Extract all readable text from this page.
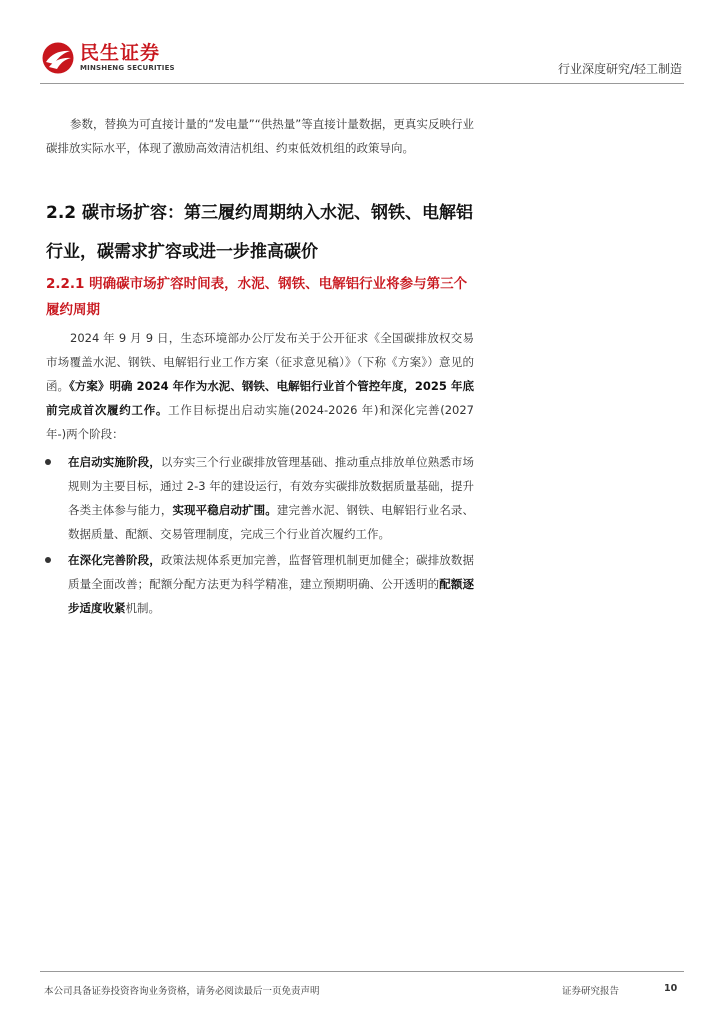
民生证券
MINSHENG SECURITIES	行业深度研究/轻工制造

参数，替换为可直接计量的“发电量”“供热量”等直接计量数据，更真实反映行业碳排放实际水平，体现了激励高效清洁机组、约束低效机组的政策导向。

2.2 碳市场扩容：第三履约周期纳入水泥、钢铁、电解铝行业，碳需求扩容或进一步推高碳价
2.2.1 明确碳市场扩容时间表，水泥、钢铁、电解铝行业将参与第三个履约周期

2024 年 9 月 9 日，生态环境部办公厅发布关于公开征求《全国碳排放权交易市场覆盖水泥、钢铁、电解铝行业工作方案（征求意见稿）》（下称《方案》）意见的函。《方案》明确 2024 年作为水泥、钢铁、电解铝行业首个管控年度，2025 年底前完成首次履约工作。工作目标提出启动实施(2024-2026 年)和深化完善(2027 年-)两个阶段：

在启动实施阶段，以夯实三个行业碳排放管理基础、推动重点排放单位熟悉市场规则为主要目标，通过 2-3 年的建设运行，有效夯实碳排放数据质量基础，提升各类主体参与能力，实现平稳启动扩围。建完善水泥、钢铁、电解铝行业名录、数据质量、配额、交易管理制度，完成三个行业首次履约工作。
在深化完善阶段，政策法规体系更加完善，监督管理机制更加健全；碳排放数据质量全面改善；配额分配方法更为科学精准，建立预期明确、公开透明的配额逐步适度收紧机制。
本公司具备证券投资咨询业务资格，请务必阅读最后一页免责声明	证券研究报告	10
